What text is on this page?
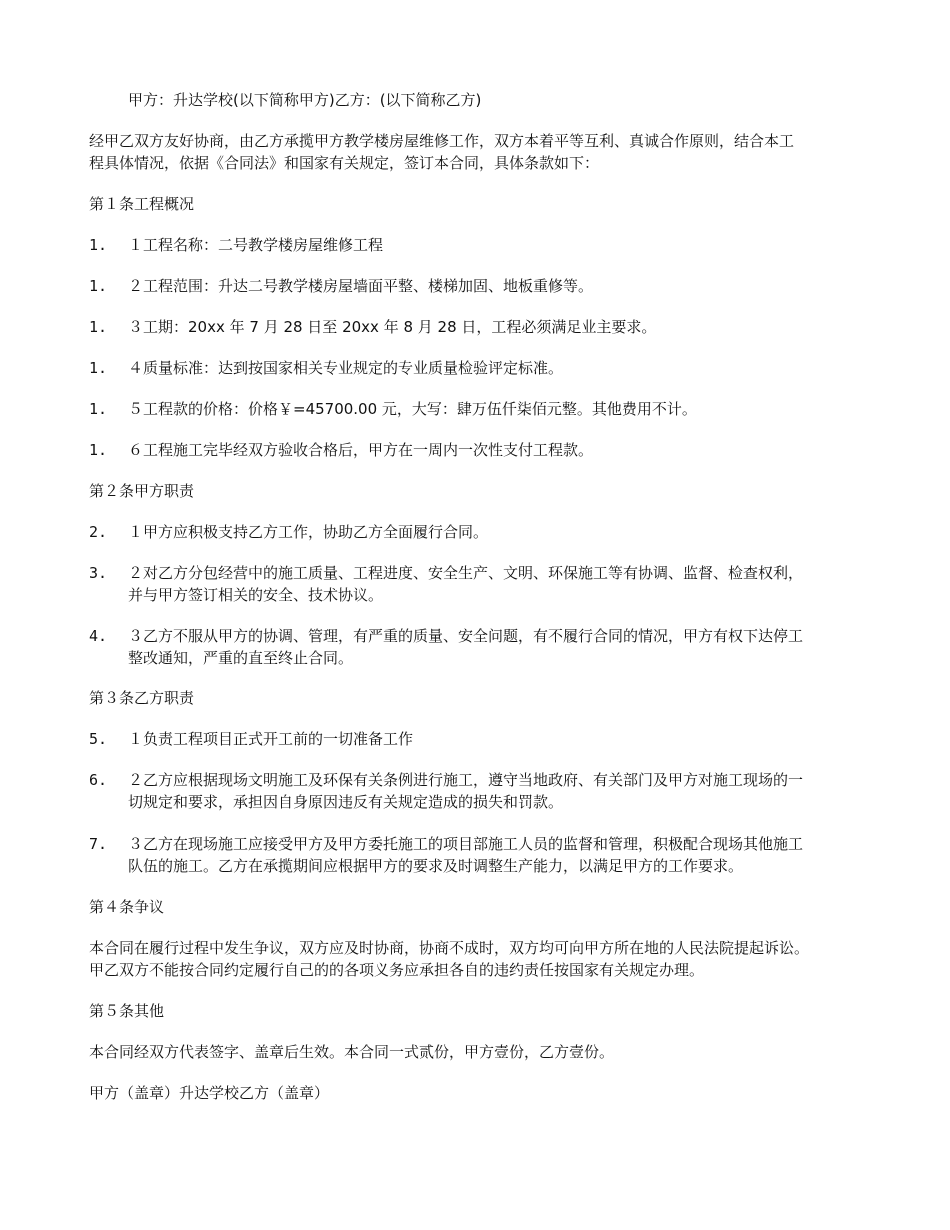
甲方：升达学校(以下简称甲方)乙方：(以下简称乙方)
经甲乙双方友好协商，由乙方承揽甲方教学楼房屋维修工作，双方本着平等互利、真诚合作原则，结合本工
程具体情况，依据《合同法》和国家有关规定，签订本合同，具体条款如下：
第１条工程概况
1.	１工程名称：二号教学楼房屋维修工程
1.	２工程范围：升达二号教学楼房屋墙面平整、楼梯加固、地板重修等。
1.	３工期：20xx 年 7 月 28 日至 20xx 年 8 月 28 日，工程必须满足业主要求。
1.	４质量标准：达到按国家相关专业规定的专业质量检验评定标准。
1.	５工程款的价格：价格￥=45700.00 元，大写：肆万伍仟柒佰元整。其他费用不计。
1.	６工程施工完毕经双方验收合格后，甲方在一周内一次性支付工程款。
第２条甲方职责
2.	１甲方应积极支持乙方工作，协助乙方全面履行合同。
3.	２对乙方分包经营中的施工质量、工程进度、安全生产、文明、环保施工等有协调、监督、检查权利，
并与甲方签订相关的安全、技术协议。
4.	３乙方不服从甲方的协调、管理，有严重的质量、安全问题，有不履行合同的情况，甲方有权下达停工
整改通知，严重的直至终止合同。
第３条乙方职责
5.	１负责工程项目正式开工前的一切准备工作
6.	２乙方应根据现场文明施工及环保有关条例进行施工，遵守当地政府、有关部门及甲方对施工现场的一
切规定和要求，承担因自身原因违反有关规定造成的损失和罚款。
7.	３乙方在现场施工应接受甲方及甲方委托施工的项目部施工人员的监督和管理，积极配合现场其他施工
队伍的施工。乙方在承揽期间应根据甲方的要求及时调整生产能力，以满足甲方的工作要求。
第４条争议
本合同在履行过程中发生争议，双方应及时协商，协商不成时，双方均可向甲方所在地的人民法院提起诉讼。
甲乙双方不能按合同约定履行自己的的各项义务应承担各自的违约责任按国家有关规定办理。
第５条其他
本合同经双方代表签字、盖章后生效。本合同一式贰份，甲方壹份，乙方壹份。
甲方（盖章）升达学校乙方（盖章）
